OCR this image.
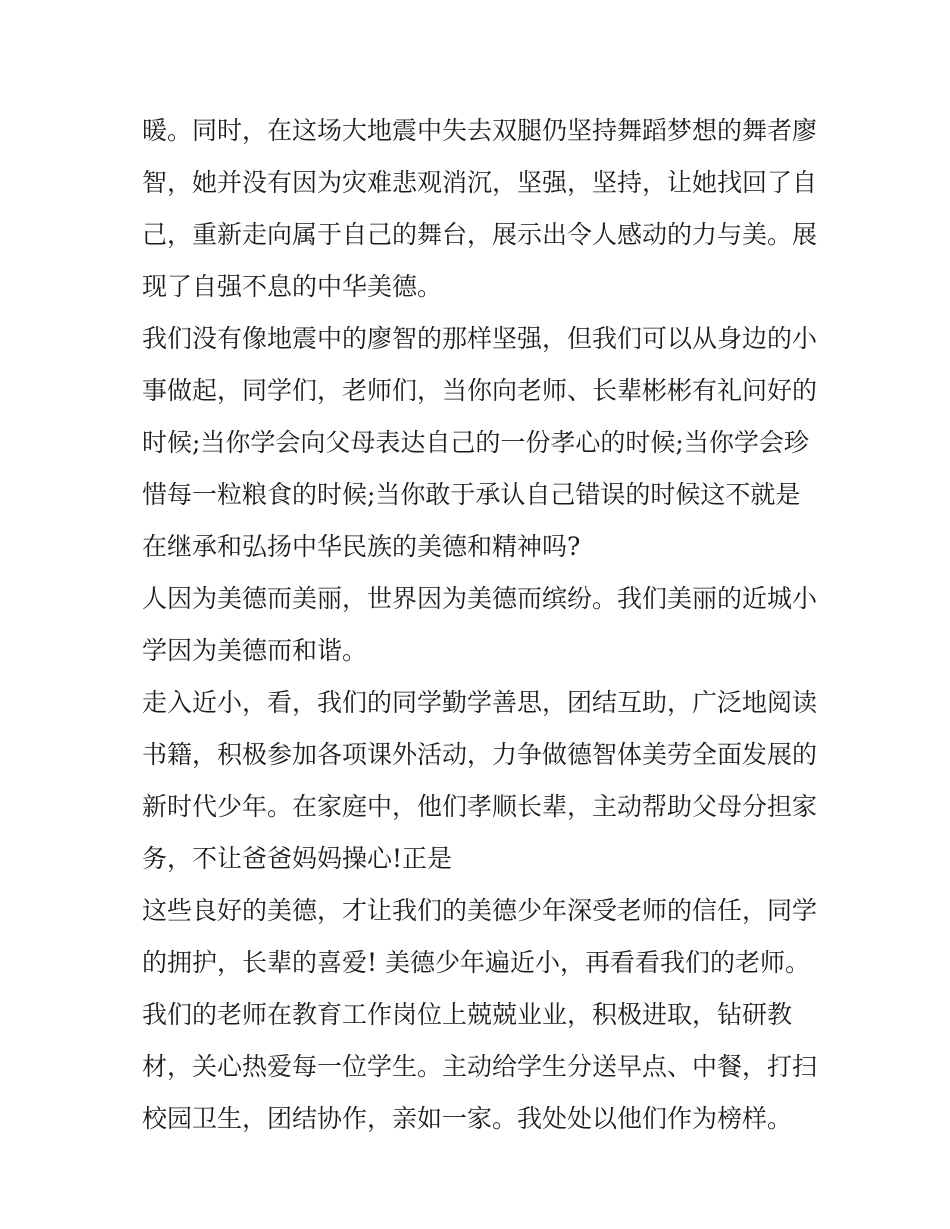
暖。同时，在这场大地震中失去双腿仍坚持舞蹈梦想的舞者廖
智，她并没有因为灾难悲观消沉，坚强，坚持，让她找回了自
己，重新走向属于自己的舞台，展示出令人感动的力与美。展
现了自强不息的中华美德。
我们没有像地震中的廖智的那样坚强，但我们可以从身边的小
事做起，同学们，老师们，当你向老师、长辈彬彬有礼问好的
时候;当你学会向父母表达自己的一份孝心的时候;当你学会珍
惜每一粒粮食的时候;当你敢于承认自己错误的时候这不就是
在继承和弘扬中华民族的美德和精神吗?
人因为美德而美丽，世界因为美德而缤纷。我们美丽的近城小
学因为美德而和谐。
走入近小，看，我们的同学勤学善思，团结互助，广泛地阅读
书籍，积极参加各项课外活动，力争做德智体美劳全面发展的
新时代少年。在家庭中，他们孝顺长辈，主动帮助父母分担家
务，不让爸爸妈妈操心!正是
这些良好的美德，才让我们的美德少年深受老师的信任，同学
的拥护，长辈的喜爱! 美德少年遍近小，再看看我们的老师。
我们的老师在教育工作岗位上兢兢业业，积极进取，钻研教
材，关心热爱每一位学生。主动给学生分送早点、中餐，打扫
校园卫生，团结协作，亲如一家。我处处以他们作为榜样。
